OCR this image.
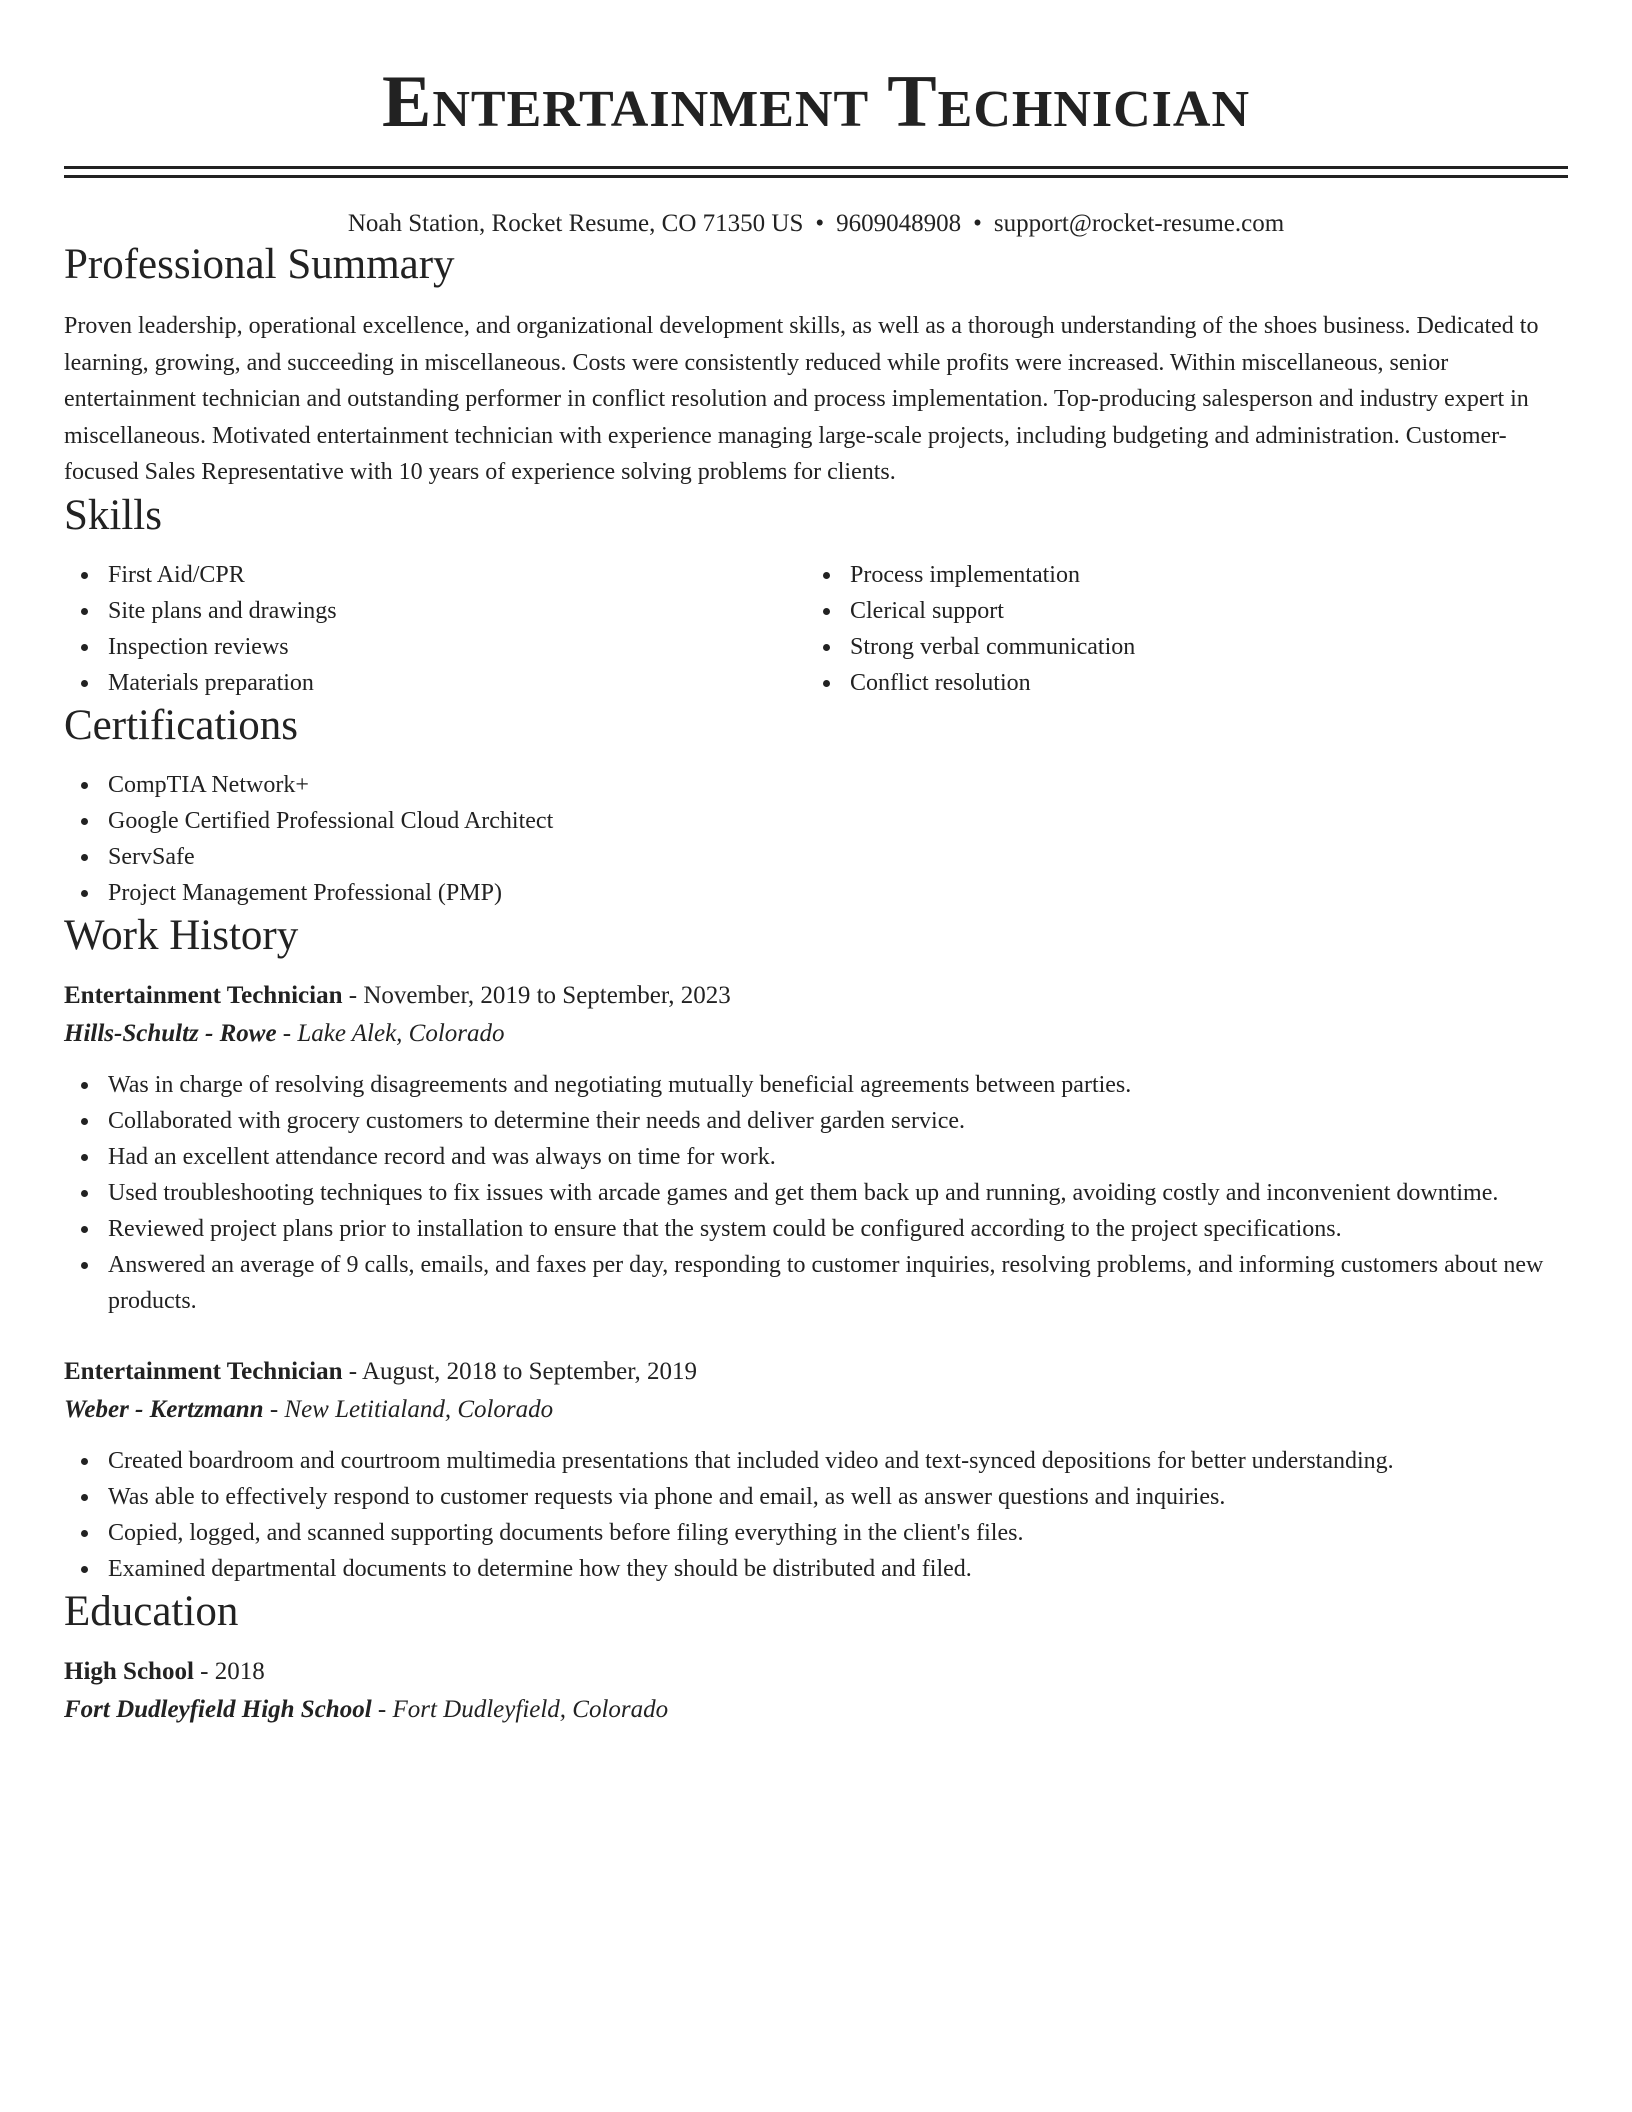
Entertainment Technician
Noah Station, Rocket Resume, CO 71350 US • 9609048908 • support@rocket-resume.com
Professional Summary

Proven leadership, operational excellence, and organizational development skills, as well as a thorough understanding of the shoes business. Dedicated to learning, growing, and succeeding in miscellaneous. Costs were consistently reduced while profits were increased. Within miscellaneous, senior entertainment technician and outstanding performer in conflict resolution and process implementation. Top-producing salesperson and industry expert in miscellaneous. Motivated entertainment technician with experience managing large-scale projects, including budgeting and administration. Customer-focused Sales Representative with 10 years of experience solving problems for clients.

Skills
First Aid/CPR
Site plans and drawings
Inspection reviews
Materials preparation
Process implementation
Clerical support
Strong verbal communication
Conflict resolution
Certifications
CompTIA Network+
Google Certified Professional Cloud Architect
ServSafe
Project Management Professional (PMP)
Work History
Entertainment Technician - November, 2019 to September, 2023
Hills-Schultz - Rowe - Lake Alek, Colorado
Was in charge of resolving disagreements and negotiating mutually beneficial agreements between parties.
Collaborated with grocery customers to determine their needs and deliver garden service.
Had an excellent attendance record and was always on time for work.
Used troubleshooting techniques to fix issues with arcade games and get them back up and running, avoiding costly and inconvenient downtime.
Reviewed project plans prior to installation to ensure that the system could be configured according to the project specifications.
Answered an average of 9 calls, emails, and faxes per day, responding to customer inquiries, resolving problems, and informing customers about new products.
Entertainment Technician - August, 2018 to September, 2019
Weber - Kertzmann - New Letitialand, Colorado
Created boardroom and courtroom multimedia presentations that included video and text-synced depositions for better understanding.
Was able to effectively respond to customer requests via phone and email, as well as answer questions and inquiries.
Copied, logged, and scanned supporting documents before filing everything in the client's files.
Examined departmental documents to determine how they should be distributed and filed.
Education
High School - 2018
Fort Dudleyfield High School - Fort Dudleyfield, Colorado
